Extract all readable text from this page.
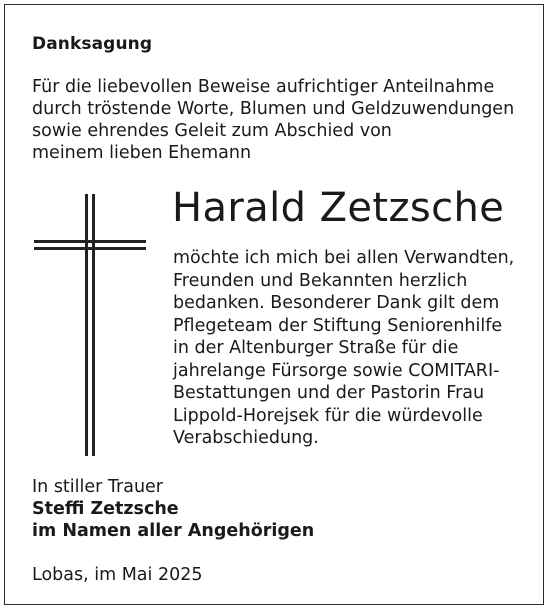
Danksagung
Für die liebevollen Beweise aufrichtiger Anteilnahme
durch tröstende Worte, Blumen und Geldzuwendungen
sowie ehrendes Geleit zum Abschied von
meinem lieben Ehemann
Harald Zetzsche
möchte ich mich bei allen Verwandten,
Freunden und Bekannten herzlich
bedanken. Besonderer Dank gilt dem
Pflegeteam der Stiftung Seniorenhilfe
in der Altenburger Straße für die
jahrelange Fürsorge sowie COMITARI-
Bestattungen und der Pastorin Frau
Lippold-Horejsek für die würdevolle
Verabschiedung.
In stiller Trauer
Steffi Zetzsche
im Namen aller Angehörigen
Lobas, im Mai 2025
